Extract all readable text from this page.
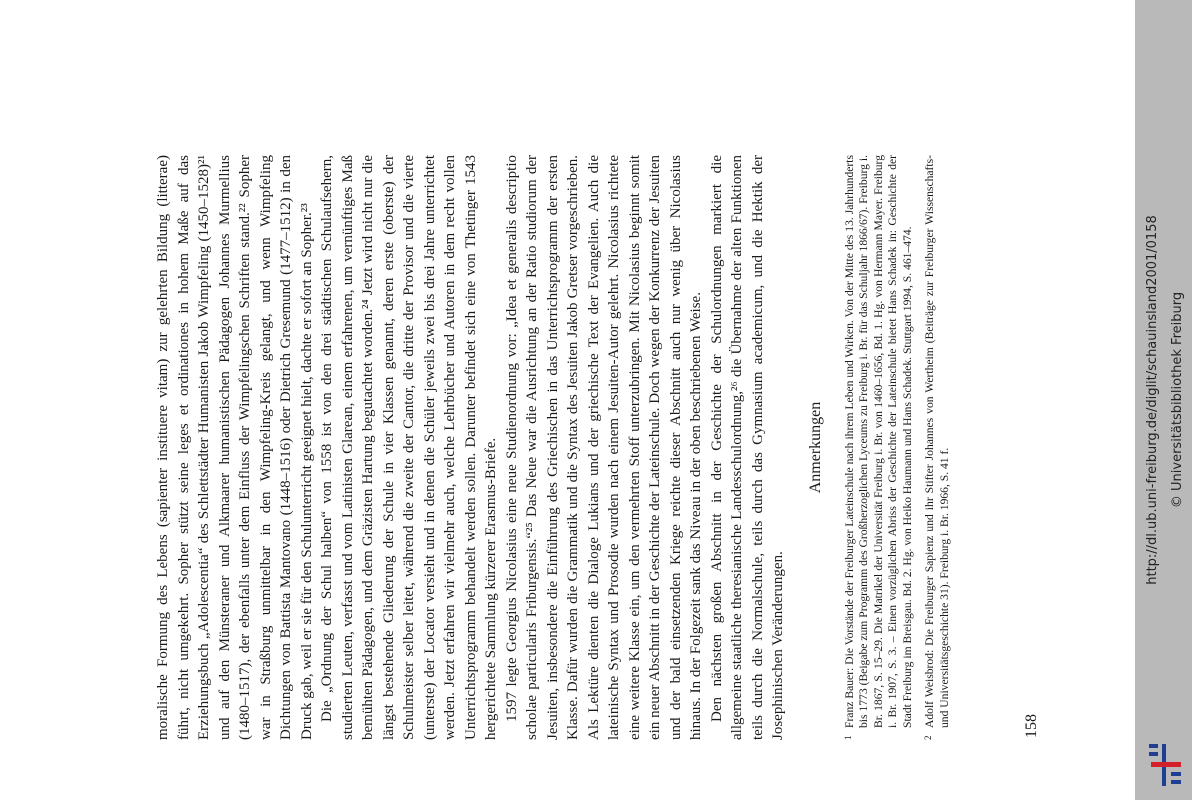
moralische Formung des Lebens (sapienter instituere vitam) zur gelehrten Bildung (litterae) führt, nicht umgekehrt. Sopher stützt seine leges et ordinationes in hohem Maße auf das Erziehungsbuch „Adolescentia“ des Schlettstädter Humanisten Jakob Wimpfeling (1450–1528)²¹ und auf den Münsteraner und Alkmaarer humanistischen Pädagogen Johannes Murmellius (1480–1517), der ebenfalls unter dem Einfluss der Wimpfelingschen Schriften stand.²² Sopher war in Straßburg unmittelbar in den Wimpfeling-Kreis gelangt, und wenn Wimpfeling Dichtungen von Battista Mantovano (1448–1516) oder Dietrich Gresemund (1477–1512) in den Druck gab, weil er sie für den Schulunterricht geeignet hielt, dachte er sofort an Sopher.²³ Die „Ordnung der Schul halben“ von 1558 ist von den drei städtischen Schulaufsehern, studierten Leuten, verfasst und vom Latinisten Glarean, einem erfahrenen, um vernünftiges Maß bemühten Pädagogen, und dem Gräzisten Hartung begutachtet worden.²⁴ Jetzt wird nicht nur die längst bestehende Gliederung der Schule in vier Klassen genannt, deren erste (oberste) der Schulmeister selber leitet, während die zweite der Cantor, die dritte der Provisor und die vierte (unterste) der Locator versieht und in denen die Schüler jeweils zwei bis drei Jahre unterrichtet werden. Jetzt erfahren wir vielmehr auch, welche Lehrbücher und Autoren in dem recht vollen Unterrichtsprogramm behandelt werden sollen. Darunter befindet sich eine von Thetinger 1543 hergerichtete Sammlung kürzerer Erasmus-Briefe. 1597 legte Georgius Nicolasius eine neue Studienordnung vor: „Idea et generalis descriptio scholae particularis Friburgensis.“²⁵ Das Neue war die Ausrichtung an der Ratio studiorum der Jesuiten, insbesondere die Einführung des Griechischen in das Unterrichtsprogramm der ersten Klasse. Dafür wurden die Grammatik und die Syntax des Jesuiten Jakob Gretser vorgeschrieben. Als Lektüre dienten die Dialoge Lukians und der griechische Text der Evangelien. Auch die lateinische Syntax und Prosodie wurden nach einem Jesuiten-Autor gelehrt. Nicolasius richtete eine weitere Klasse ein, um den vermehrten Stoff unterzubringen. Mit Nicolasius beginnt somit ein neuer Abschnitt in der Geschichte der Lateinschule. Doch wegen der Konkurrenz der Jesuiten und der bald einsetzenden Kriege reichte dieser Abschnitt auch nur wenig über Nicolasius hinaus. In der Folgezeit sank das Niveau in der oben beschriebenen Weise. Den nächsten großen Abschnitt in der Geschichte der Schulordnungen markiert die allgemeine staatliche theresianische Landesschulordnung,²⁶ die Übernahme der alten Funktionen teils durch die Normalschule, teils durch das Gymnasium academicum, und die Hektik der Josephinischen Veränderungen.

Anmerkungen

1Franz Bauer: Die Vorstände der Freiburger Lateinschule nach ihrem Leben und Wirken. Von der Mitte des 13. Jahrhunderts bis 1773 (Beigabe zum Programm des Großherzoglichen Lyceums zu Freiburg i. Br. für das Schuljahr 1866/67). Freiburg i. Br. 1867, S. 15–29. Die Matrikel der Universität Freiburg i. Br. von 1460–1656, Bd. 1. Hg. von Hermann Mayer. Freiburg i. Br. 1907, S. 3. – Einen vorzüglichen Abriss der Geschichte der Lateinschule bietet Hans Schadek in: Geschichte der Stadt Freiburg im Breisgau. Bd. 2. Hg. von Heiko Haumann und Hans Schadek. Stuttgart 1994, S. 461–474.

2Adolf Weisbrod: Die Freiburger Sapienz und ihr Stifter Johannes von Wertheim (Beiträge zur Freiburger Wissenschafts- und Universitätsgeschichte 31). Freiburg i. Br. 1966, S. 41 f.	158
http://dl.ub.uni-freiburg.de/diglit/schauinsland2001/0158 © Universitätsbibliothek Freiburg
